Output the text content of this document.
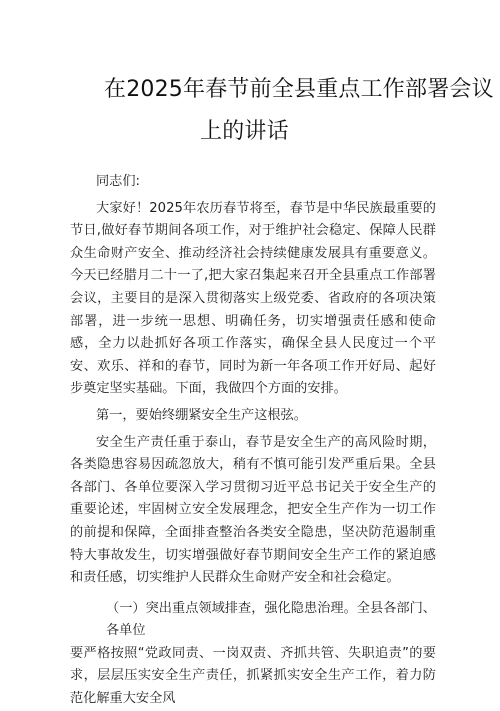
在2025年春节前全县重点工作部署会议
上的讲话

同志们:

大家好！2025年农历春节将至，春节是中华民族最重要的节日,做好春节期间各项工作，对于维护社会稳定、保障人民群众生命财产安全、推动经济社会持续健康发展具有重要意义。今天已经腊月二十一了,把大家召集起来召开全县重点工作部署会议，主要目的是深入贯彻落实上级党委、省政府的各项决策部署，进一步统一思想、明确任务，切实增强责任感和使命感，全力以赴抓好各项工作落实，确保全县人民度过一个平安、欢乐、祥和的春节，同时为新一年各项工作开好局、起好步奠定坚实基础。下面，我做四个方面的安排。

第一，要始终绷紧安全生产这根弦。

安全生产责任重于泰山，春节是安全生产的高风险时期，各类隐患容易因疏忽放大，稍有不慎可能引发严重后果。全县各部门、各单位要深入学习贯彻习近平总书记关于安全生产的重要论述，牢固树立安全发展理念，把安全生产作为一切工作的前提和保障，全面排查整治各类安全隐患，坚决防范遏制重特大事故发生，切实增强做好春节期间安全生产工作的紧迫感和责任感，切实维护人民群众生命财产安全和社会稳定。

（一）突出重点领域排查，强化隐患治理。全县各部门、各单位
要严格按照“党政同责、一岗双责、齐抓共管、失职追责”的要求，层层压实安全生产责任，抓紧抓实安全生产工作，着力防范化解重大安全风
